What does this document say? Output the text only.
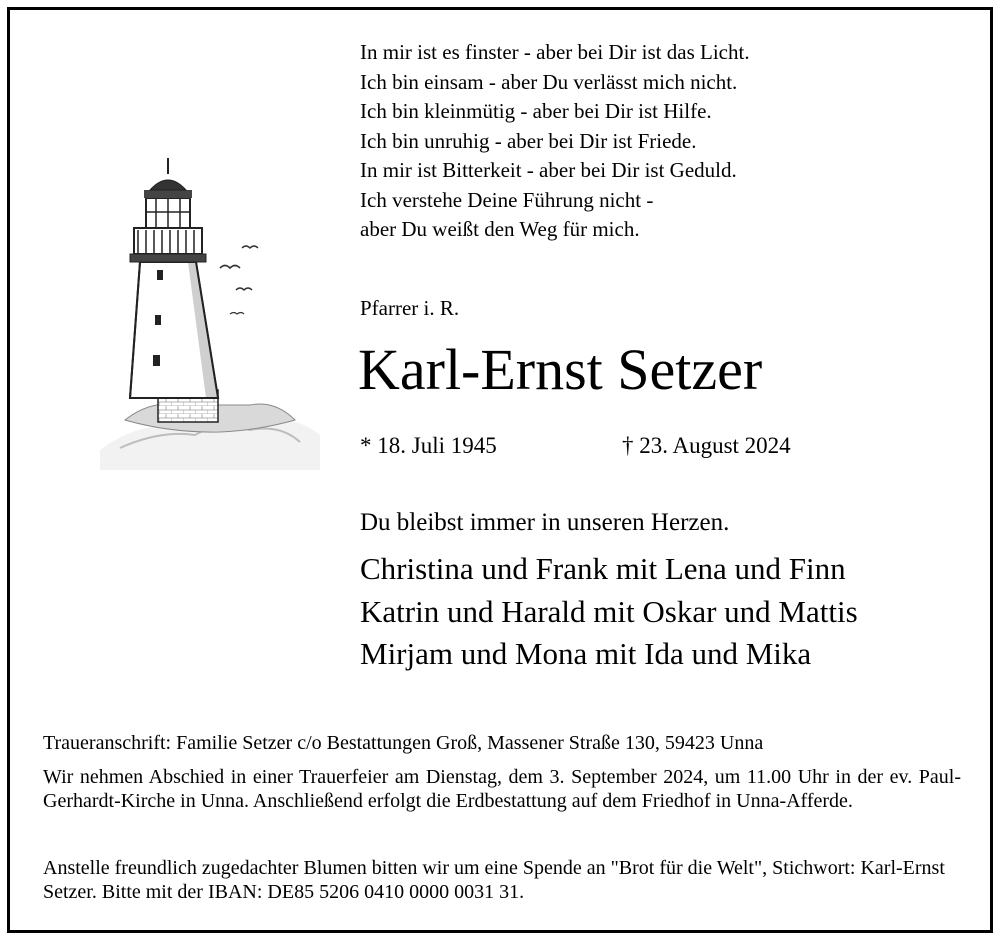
In mir ist es finster - aber bei Dir ist das Licht.
Ich bin einsam - aber Du verlässt mich nicht.
Ich bin kleinmütig - aber bei Dir ist Hilfe.
Ich bin unruhig - aber bei Dir ist Friede.
In mir ist Bitterkeit - aber bei Dir ist Geduld.
Ich verstehe Deine Führung nicht -
aber Du weißt den Weg für mich.
Pfarrer i. R.
Karl-Ernst Setzer
* 18. Juli 1945	† 23. August 2024
Du bleibst immer in unseren Herzen.
Christina und Frank mit Lena und Finn
Katrin und Harald mit Oskar und Mattis
Mirjam und Mona mit Ida und Mika
Traueranschrift: Familie Setzer c/o Bestattungen Groß, Massener Straße 130, 59423 Unna
Wir nehmen Abschied in einer Trauerfeier am Dienstag, dem 3. September 2024, um 11.00 Uhr in der ev. Paul-Gerhardt-Kirche in Unna. Anschließend erfolgt die Erdbestattung auf dem Friedhof in Unna-Afferde.
Anstelle freundlich zugedachter Blumen bitten wir um eine Spende an "Brot für die Welt", Stichwort: Karl-Ernst Setzer. Bitte mit der IBAN: DE85 5206 0410 0000 0031 31.
